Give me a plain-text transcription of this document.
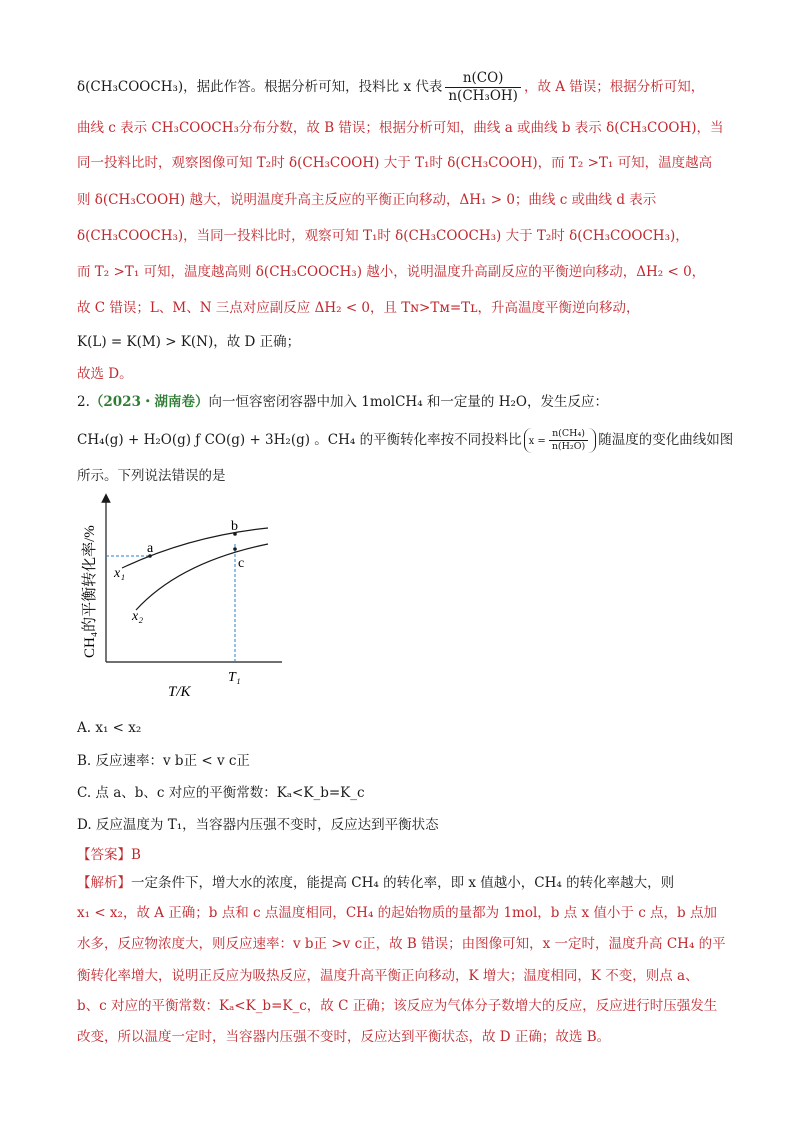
δ(CH₃COOCH₃)，据此作答。根据分析可知，投料比 x 代表 $\frac{n(CO)}{\text{n(CH₃OH)}}$ ，故 A 错误；根据分析可知，
曲线 c 表示 CH₃COOCH₃分布分数，故 B 错误；根据分析可知，曲线 a 或曲线 b 表示 δ(CH₃COOH)，当
同一投料比时，观察图像可知 T₂时 δ(CH₃COOH) 大于 T₁时 δ(CH₃COOH)，而 T₂ >T₁ 可知，温度越高
则 δ(CH₃COOH) 越大，说明温度升高主反应的平衡正向移动，ΔH₁ > 0；曲线 c 或曲线 d 表示
δ(CH₃COOCH₃)，当同一投料比时，观察可知 T₁时 δ(CH₃COOCH₃) 大于 T₂时 δ(CH₃COOCH₃)，
而 T₂ >T₁ 可知，温度越高则 δ(CH₃COOCH₃) 越小，说明温度升高副反应的平衡逆向移动，ΔH₂ < 0，
故 C 错误；L、M、N 三点对应副反应 ΔH₂ < 0，且 Tɴ>Tᴍ=Tʟ，升高温度平衡逆向移动，
K(L) = K(M) > K(N)，故 D 正确；
故选 D。
2.（2023・湖南卷）向一恒容密闭容器中加入 1molCH₄ 和一定量的 H₂O，发生反应：
CH₄(g) + H₂O(g) ƒ CO(g) + 3H₂(g) 。CH₄ 的平衡转化率按不同投料比 $x = \frac{\text{n(CH₄)}}{\text{n(H₂O)}}$ 随温度的变化曲线如图
所示。下列说法错误的是
a
b
c
x₁
x₂
T₁
T/K
CH₄的平衡转化率/%
A. x₁ < x₂
B. 反应速率：v b正 < v c正
C. 点 a、b、c 对应的平衡常数：Kₐ<K_b=K_c
D. 反应温度为 T₁，当容器内压强不变时，反应达到平衡状态
【答案】B
【解析】一定条件下，增大水的浓度，能提高 CH₄ 的转化率，即 x 值越小，CH₄ 的转化率越大，则
x₁ < x₂，故 A 正确；b 点和 c 点温度相同，CH₄ 的起始物质的量都为 1mol，b 点 x 值小于 c 点，b 点加
水多，反应物浓度大，则反应速率：v b正 >v c正，故 B 错误；由图像可知，x 一定时，温度升高 CH₄ 的平
衡转化率增大，说明正反应为吸热反应，温度升高平衡正向移动，K 增大；温度相同，K 不变，则点 a、
b、c 对应的平衡常数：Kₐ<K_b=K_c，故 C 正确；该反应为气体分子数增大的反应，反应进行时压强发生
改变，所以温度一定时，当容器内压强不变时，反应达到平衡状态，故 D 正确；故选 B。
